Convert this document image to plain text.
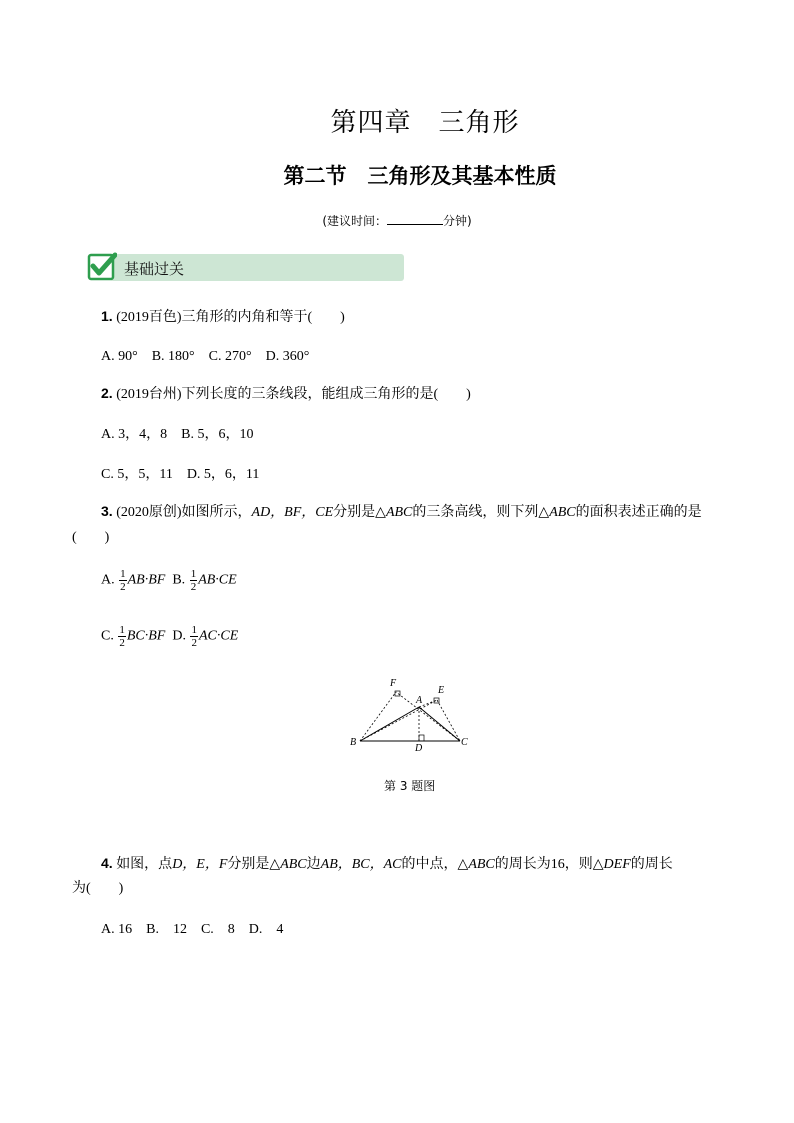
第四章　三角形
第二节　三角形及其基本性质
(建议时间：	分钟)
基础过关
1. (2019百色)三角形的内角和等于(　　)
A. 90°　B. 180°　C. 270°　D. 360°
2. (2019台州)下列长度的三条线段，能组成三角形的是(　　)
A. 3，4，8　B. 5，6，10
C. 5，5，11　D. 5，6，11
3. (2020原创)如图所示，AD，BF，CE分别是△ABC的三条高线，则下列△ABC的面积表述正确的是
(　　)
A. $\frac{1}{2} AB\cdot BF$ B. $\frac{1}{2} AB\cdot CE$
C. $\frac{1}{2} BC\cdot BF$ D. $\frac{1}{2} AC\cdot CE$
F
A
E
B
D
C
第 3 题图
4. 如图，点D，E，F分别是△ABC边AB，BC，AC的中点，△ABC的周长为16，则△DEF的周长
为(　　)
A. 16　B.　12　C.　8　D.　4
